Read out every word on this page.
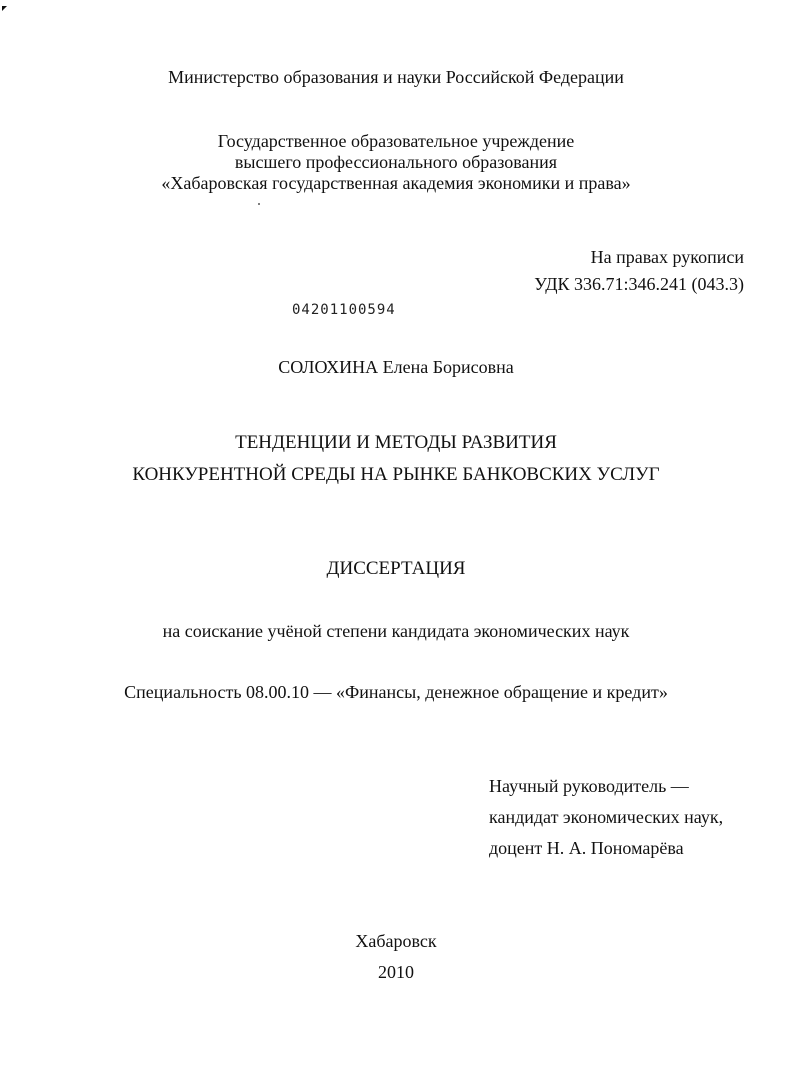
Министерство образования и науки Российской Федерации
Государственное образовательное учреждение
высшего профессионального образования
«Хабаровская государственная академия экономики и права»
На правах рукописи
УДК 336.71:346.241 (043.3)
04201100594
СОЛОХИНА Елена Борисовна
ТЕНДЕНЦИИ И МЕТОДЫ РАЗВИТИЯ
КОНКУРЕНТНОЙ СРЕДЫ НА РЫНКЕ БАНКОВСКИХ УСЛУГ
ДИССЕРТАЦИЯ
на соискание учёной степени кандидата экономических наук
Специальность 08.00.10 — «Финансы, денежное обращение и кредит»
Научный руководитель —
кандидат экономических наук,
доцент Н. А. Пономарёва
Хабаровск
2010
